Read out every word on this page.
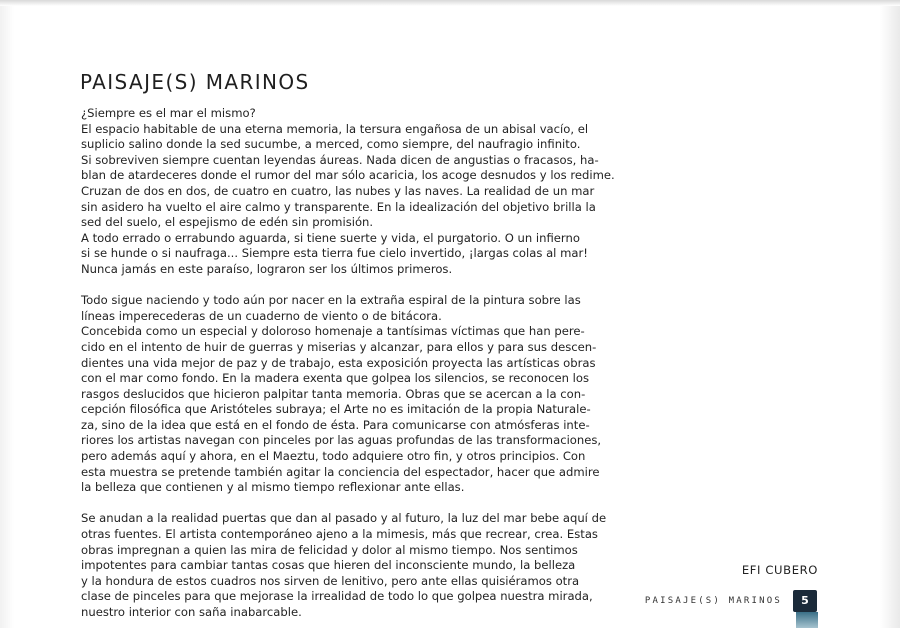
PAISAJE(S) MARINOS
¿Siempre es el mar el mismo?
El espacio habitable de una eterna memoria, la tersura engañosa de un abisal vacío, el
suplicio salino donde la sed sucumbe, a merced, como siempre, del naufragio infinito.
Si sobreviven siempre cuentan leyendas áureas. Nada dicen de angustias o fracasos, ha-
blan de atardeceres donde el rumor del mar sólo acaricia, los acoge desnudos y los redime.
Cruzan de dos en dos, de cuatro en cuatro, las nubes y las naves. La realidad de un mar
sin asidero ha vuelto el aire calmo y transparente. En la idealización del objetivo brilla la
sed del suelo, el espejismo de edén sin promisión.
A todo errado o errabundo aguarda, si tiene suerte y vida, el purgatorio. O un infierno
si se hunde o si naufraga... Siempre esta tierra fue cielo invertido, ¡largas colas al mar!
Nunca jamás en este paraíso, lograron ser los últimos primeros.
Todo sigue naciendo y todo aún por nacer en la extraña espiral de la pintura sobre las
líneas imperecederas de un cuaderno de viento o de bitácora.
Concebida como un especial y doloroso homenaje a tantísimas víctimas que han pere-
cido en el intento de huir de guerras y miserias y alcanzar, para ellos y para sus descen-
dientes una vida mejor de paz y de trabajo, esta exposición proyecta las artísticas obras
con el mar como fondo. En la madera exenta que golpea los silencios, se reconocen los
rasgos deslucidos que hicieron palpitar tanta memoria. Obras que se acercan a la con-
cepción filosófica que Aristóteles subraya; el Arte no es imitación de la propia Naturale-
za, sino de la idea que está en el fondo de ésta. Para comunicarse con atmósferas inte-
riores los artistas navegan con pinceles por las aguas profundas de las transformaciones,
pero además aquí y ahora, en el Maeztu, todo adquiere otro fin, y otros principios. Con
esta muestra se pretende también agitar la conciencia del espectador, hacer que admire
la belleza que contienen y al mismo tiempo reflexionar ante ellas.
Se anudan a la realidad puertas que dan al pasado y al futuro, la luz del mar bebe aquí de
otras fuentes. El artista contemporáneo ajeno a la mimesis, más que recrear, crea. Estas
obras impregnan a quien las mira de felicidad y dolor al mismo tiempo. Nos sentimos
impotentes para cambiar tantas cosas que hieren del inconsciente mundo, la belleza
y la hondura de estos cuadros nos sirven de lenitivo, pero ante ellas quisiéramos otra
clase de pinceles para que mejorase la irrealidad de todo lo que golpea nuestra mirada,
nuestro interior con saña inabarcable.
EFI CUBERO
PAISAJE(S) MARINOS	5
